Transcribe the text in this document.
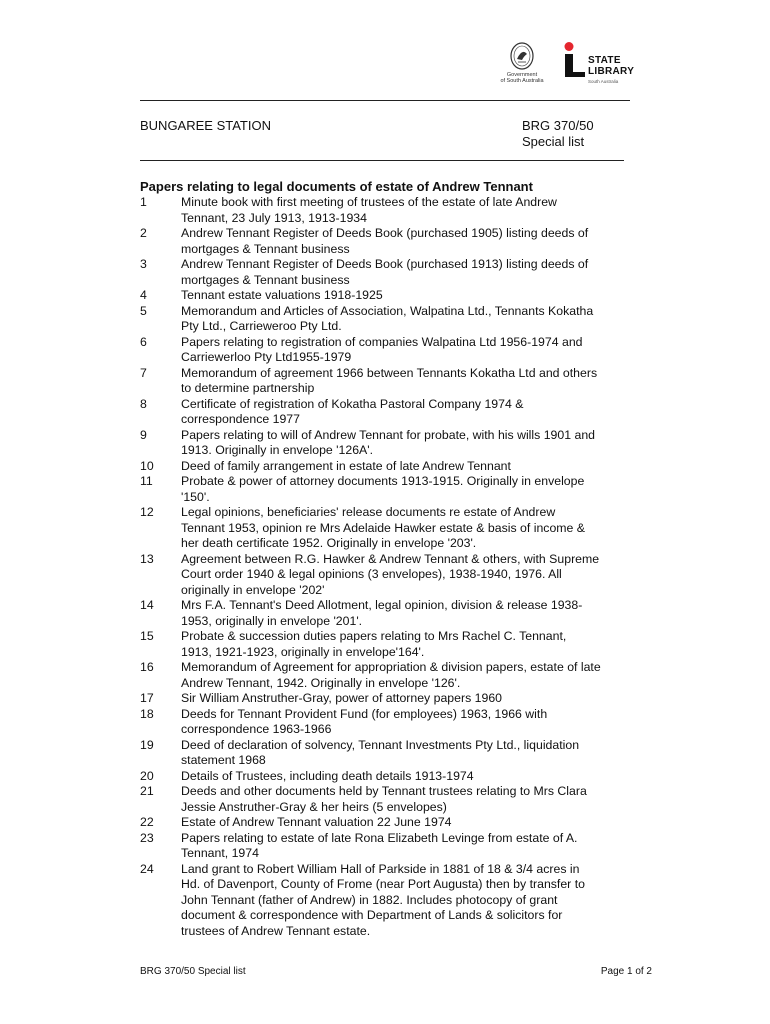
Government
of South Australia
STATE
LIBRARY
South Australia
BUNGAREE STATION	BRG 370/50
Special list
Papers relating to legal documents of estate of Andrew Tennant
1	Minute book with first meeting of trustees of the estate of late Andrew
Tennant, 23 July 1913, 1913-1934
2	Andrew Tennant Register of Deeds Book (purchased 1905) listing deeds of
mortgages & Tennant business
3	Andrew Tennant Register of Deeds Book (purchased 1913) listing deeds of
mortgages & Tennant business
4	Tennant estate valuations 1918-1925
5	Memorandum and Articles of Association, Walpatina Ltd., Tennants Kokatha
Pty Ltd., Carrieweroo Pty Ltd.
6	Papers relating to registration of companies Walpatina Ltd 1956-1974 and
Carriewerloo Pty Ltd1955-1979
7	Memorandum of agreement 1966 between Tennants Kokatha Ltd and others
to determine partnership
8	Certificate of registration of Kokatha Pastoral Company 1974 &
correspondence 1977
9	Papers relating to will of Andrew Tennant for probate, with his wills 1901 and
1913. Originally in envelope '126A'.
10	Deed of family arrangement in estate of late Andrew Tennant
11	Probate & power of attorney documents 1913-1915. Originally in envelope
'150'.
12	Legal opinions, beneficiaries' release documents re estate of Andrew
Tennant 1953, opinion re Mrs Adelaide Hawker estate & basis of income &
her death certificate 1952. Originally in envelope '203'.
13	Agreement between R.G. Hawker & Andrew Tennant & others, with Supreme
Court order 1940 & legal opinions (3 envelopes), 1938-1940, 1976. All
originally in envelope '202'
14	Mrs F.A. Tennant's Deed Allotment, legal opinion, division & release 1938-
1953, originally in envelope '201'.
15	Probate & succession duties papers relating to Mrs Rachel C. Tennant,
1913, 1921-1923, originally in envelope'164'.
16	Memorandum of Agreement for appropriation & division papers, estate of late
Andrew Tennant, 1942. Originally in envelope '126'.
17	Sir William Anstruther-Gray, power of attorney papers 1960
18	Deeds for Tennant Provident Fund (for employees) 1963, 1966 with
correspondence 1963-1966
19	Deed of declaration of solvency, Tennant Investments Pty Ltd., liquidation
statement 1968
20	Details of Trustees, including death details 1913-1974
21	Deeds and other documents held by Tennant trustees relating to Mrs Clara
Jessie Anstruther-Gray & her heirs (5 envelopes)
22	Estate of Andrew Tennant valuation 22 June 1974
23	Papers relating to estate of late Rona Elizabeth Levinge from estate of A.
Tennant, 1974
24	Land grant to Robert William Hall of Parkside in 1881 of 18 & 3/4 acres in
Hd. of Davenport, County of Frome (near Port Augusta) then by transfer to
John Tennant (father of Andrew) in 1882. Includes photocopy of grant
document & correspondence with Department of Lands & solicitors for
trustees of Andrew Tennant estate.
BRG 370/50 Special list	Page 1 of 2
